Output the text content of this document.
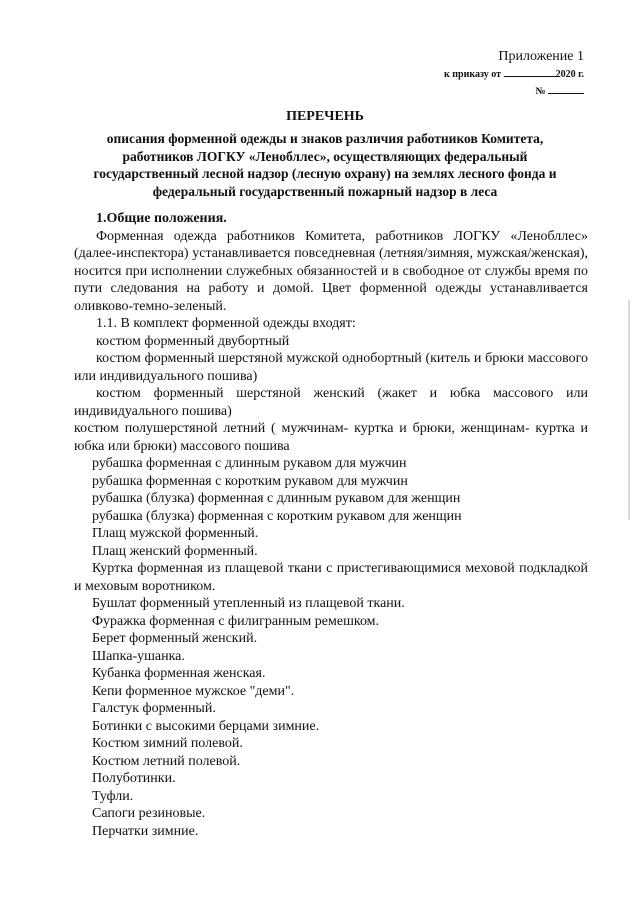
Приложение 1
к приказу от	2020 г.
№
ПЕРЕЧЕНЬ
описания форменной одежды и знаков различия работников Комитета,
работников ЛОГКУ «Ленобллес», осуществляющих федеральный
государственный лесной надзор (лесную охрану) на землях лесного фонда и
федеральный государственный пожарный надзор в леса
1.Общие положения.
Форменная одежда работников Комитета, работников ЛОГКУ «Ленобллес» (далее-инспектора) устанавливается повседневная (летняя/зимняя, мужская/женская), носится при исполнении служебных обязанностей и в свободное от службы время по пути следования на работу и домой. Цвет форменной одежды устанавливается оливково-темно-зеленый.
1.1. В комплект форменной одежды входят:
костюм форменный двубортный
костюм форменный шерстяной мужской однобортный (китель и брюки массового или индивидуального пошива)
костюм форменный шерстяной женский (жакет и юбка массового или индивидуального пошива)
костюм полушерстяной летний ( мужчинам- куртка и брюки, женщинам- куртка и юбка или брюки) массового пошива
рубашка форменная с длинным рукавом для мужчин
рубашка форменная с коротким рукавом для мужчин
рубашка (блузка) форменная с длинным рукавом для женщин
рубашка (блузка) форменная с коротким рукавом для женщин
Плащ мужской форменный.
Плащ женский форменный.
Куртка форменная из плащевой ткани с пристегивающимися меховой подкладкой и меховым воротником.
Бушлат форменный утепленный из плащевой ткани.
Фуражка форменная с филигранным ремешком.
Берет форменный женский.
Шапка-ушанка.
Кубанка форменная женская.
Кепи форменное мужское "деми".
Галстук форменный.
Ботинки с высокими берцами зимние.
Костюм зимний полевой.
Костюм летний полевой.
Полуботинки.
Туфли.
Сапоги резиновые.
Перчатки зимние.
